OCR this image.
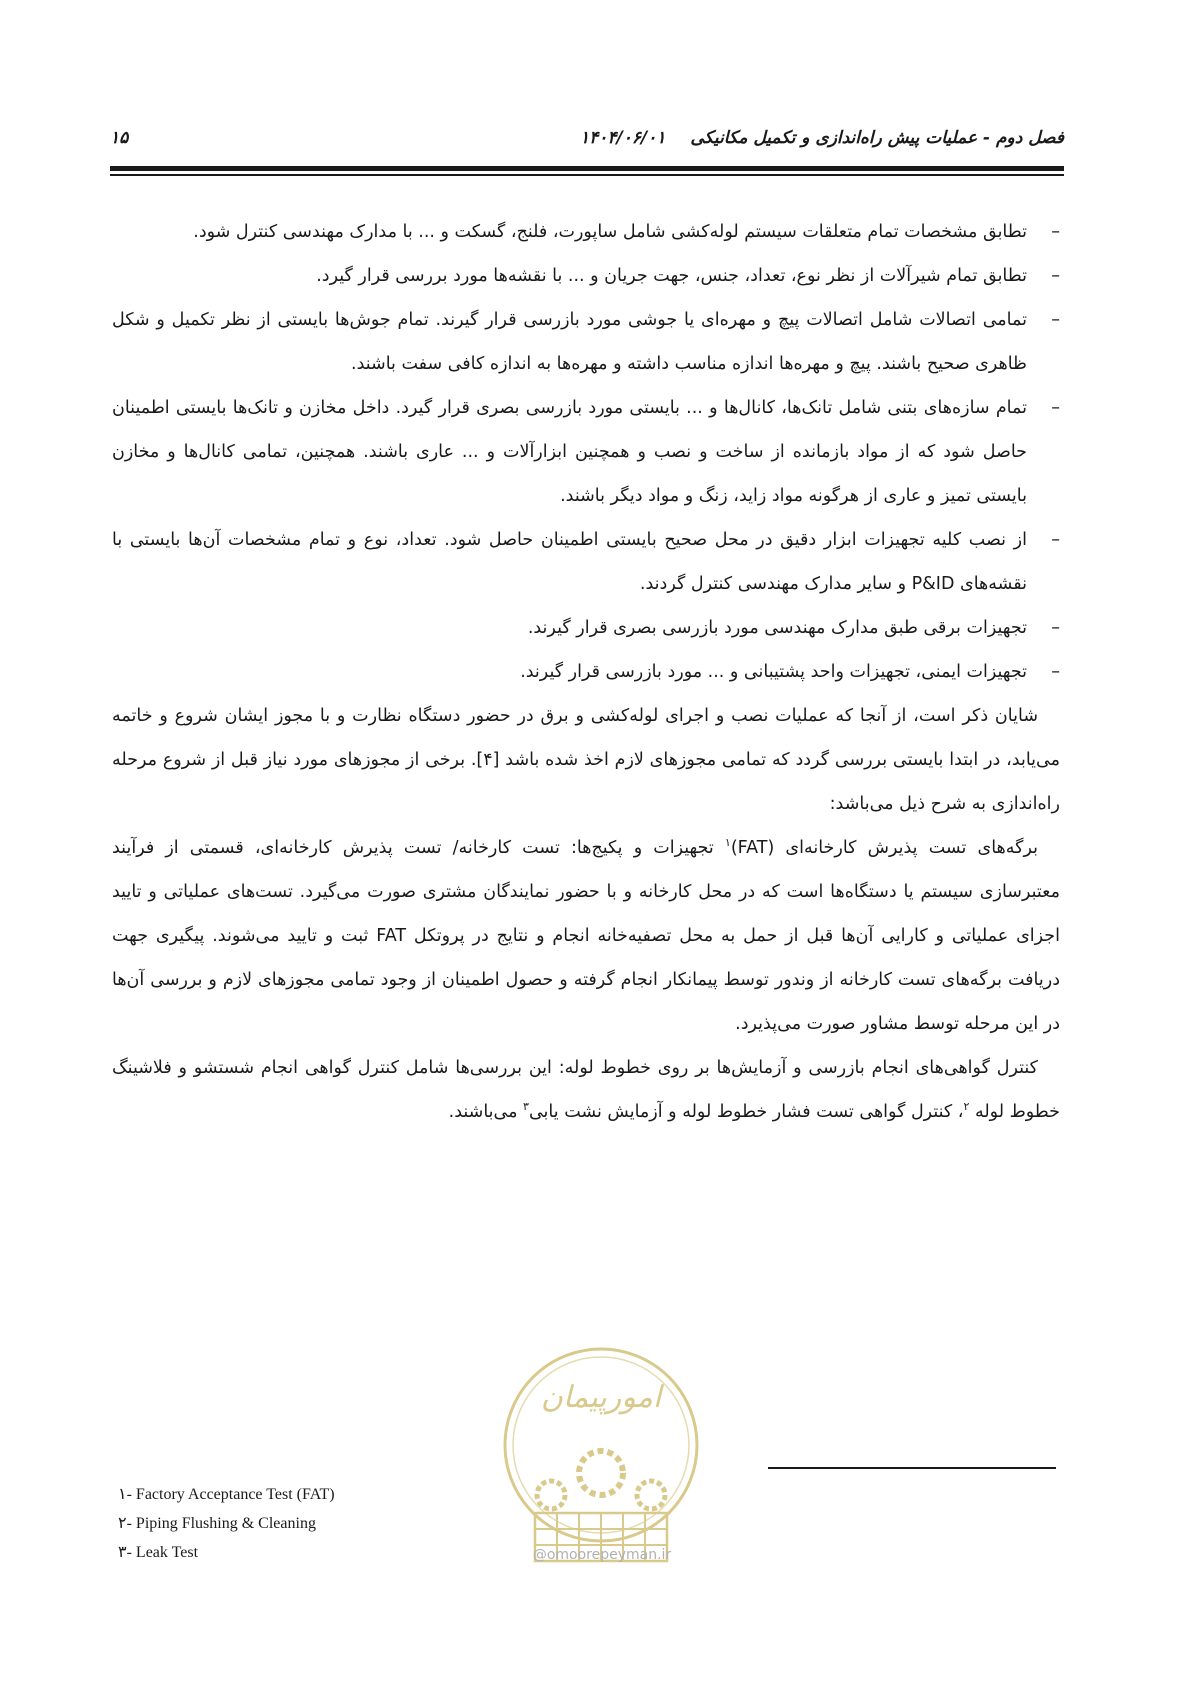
فصل دوم - عملیات پیش راه‌اندازی و تکمیل مکانیکی
۱۴۰۴/۰۶/۰۱
۱۵
–
تطابق مشخصات تمام متعلقات سیستم لوله‌کشی شامل ساپورت، فلنج، گسکت و ... با مدارک مهندسی کنترل شود.
–
تطابق تمام شیرآلات از نظر نوع، تعداد، جنس، جهت جریان و ... با نقشه‌ها مورد بررسی قرار گیرد.
–
تمامی اتصالات شامل اتصالات پیچ و مهره‌ای یا جوشی مورد بازرسی قرار گیرند. تمام جوش‌ها بایستی از نظر تکمیل و شکل ظاهری صحیح باشند. پیچ و مهره‌ها اندازه مناسب داشته و مهره‌ها به اندازه کافی سفت باشند.
–
تمام سازه‌های بتنی شامل تانک‌ها، کانال‌ها و ... بایستی مورد بازرسی بصری قرار گیرد. داخل مخازن و تانک‌ها بایستی اطمینان حاصل شود که از مواد بازمانده از ساخت و نصب و همچنین ابزارآلات و ... عاری باشند. همچنین، تمامی کانال‌ها و مخازن بایستی تمیز و عاری از هرگونه مواد زاید، زنگ و مواد دیگر باشند.
–
از نصب کلیه تجهیزات ابزار دقیق در محل صحیح بایستی اطمینان حاصل شود. تعداد، نوع و تمام مشخصات آن‌ها بایستی با نقشه‌های P&ID و سایر مدارک مهندسی کنترل گردند.
–
تجهیزات برقی طبق مدارک مهندسی مورد بازرسی بصری قرار گیرند.
–
تجهیزات ایمنی، تجهیزات واحد پشتیبانی و ... مورد بازرسی قرار گیرند.

شایان ذکر است، از آنجا که عملیات نصب و اجرای لوله‌کشی و برق در حضور دستگاه نظارت و با مجوز ایشان شروع و خاتمه می‌یابد، در ابتدا بایستی بررسی گردد که تمامی مجوزهای لازم اخذ شده باشد [۴]. برخی از مجوزهای مورد نیاز قبل از شروع مرحله راه‌اندازی به شرح ذیل می‌باشد:

برگه‌های تست پذیرش کارخانه‌ای (FAT)$^۱$ تجهیزات و پکیج‌ها: تست کارخانه/ تست پذیرش کارخانه‌ای، قسمتی از فرآیند معتبرسازی سیستم یا دستگاه‌ها است که در محل کارخانه و با حضور نمایندگان مشتری صورت می‌گیرد. تست‌های عملیاتی و تایید اجزای عملیاتی و کارایی آن‌ها قبل از حمل به محل تصفیه‌خانه انجام و نتایج در پروتکل FAT ثبت و تایید می‌شوند. پیگیری جهت دریافت برگه‌های تست کارخانه از وندور توسط پیمانکار انجام گرفته و حصول اطمینان از وجود تمامی مجوزهای لازم و بررسی آن‌ها در این مرحله توسط مشاور صورت می‌پذیرد.

کنترل گواهی‌های انجام بازرسی و آزمایش‌ها بر روی خطوط لوله: این بررسی‌ها شامل کنترل گواهی انجام شستشو و فلاشینگ خطوط لوله $^۲$، کنترل گواهی تست فشار خطوط لوله و آزمایش نشت یابی$^۳$ می‌باشند.

امورپیمان
@omoorepeyman.ir
۱- Factory Acceptance Test (FAT)
۲- Piping Flushing & Cleaning
۳- Leak Test
